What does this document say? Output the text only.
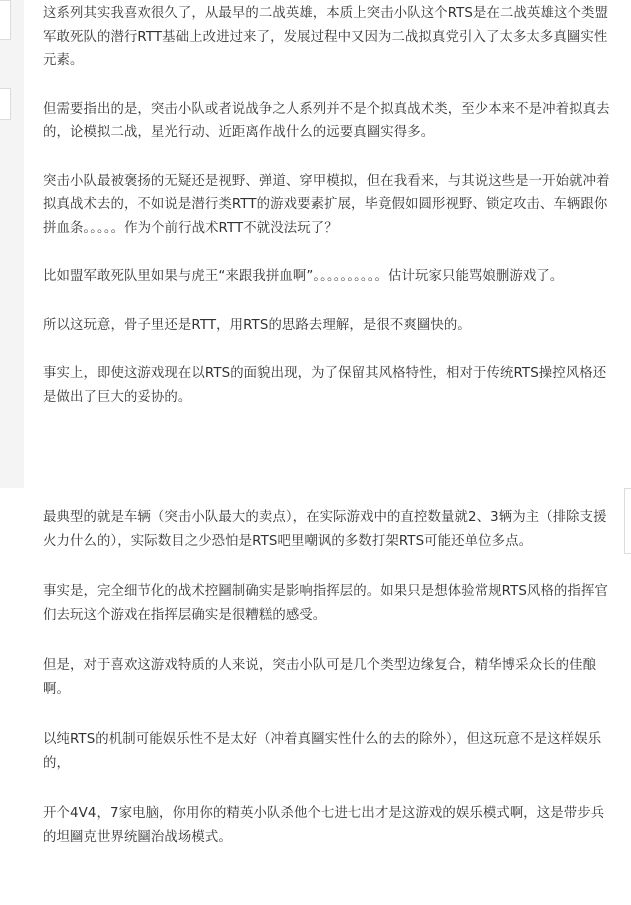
这系列其实我喜欢很久了，从最早的二战英雄，本质上突击小队这个RTS是在二战英雄这个类盟军敢死队的潜行RTT基础上改进过来了，发展过程中又因为二战拟真党引入了太多太多真圝实性元素。

但需要指出的是，突击小队或者说战争之人系列并不是个拟真战术类，至少本来不是冲着拟真去的，论模拟二战，星光行动、近距离作战什么的远要真圝实得多。

突击小队最被褒扬的无疑还是视野、弹道、穿甲模拟，但在我看来，与其说这些是一开始就冲着拟真战术去的，不如说是潜行类RTT的游戏要素扩展，毕竟假如圆形视野、锁定攻击、车辆跟你拼血条。。。。。作为个前行战术RTT不就没法玩了？

比如盟军敢死队里如果与虎王“来跟我拼血啊”。。。。。。。。。。估计玩家只能骂娘删游戏了。

所以这玩意，骨子里还是RTT，用RTS的思路去理解，是很不爽圝快的。

事实上，即使这游戏现在以RTS的面貌出现，为了保留其风格特性，相对于传统RTS操控风格还是做出了巨大的妥协的。

最典型的就是车辆（突击小队最大的卖点），在实际游戏中的直控数量就2、3辆为主（排除支援火力什么的），实际数目之少恐怕是RTS吧里嘲讽的多数打架RTS可能还单位多点。

事实是，完全细节化的战术控圝制确实是影响指挥层的。如果只是想体验常规RTS风格的指挥官们去玩这个游戏在指挥层确实是很糟糕的感受。

但是，对于喜欢这游戏特质的人来说，突击小队可是几个类型边缘复合，精华博采众长的佳酿啊。

以纯RTS的机制可能娱乐性不是太好（冲着真圝实性什么的去的除外），但这玩意不是这样娱乐的，

开个4V4，7家电脑，你用你的精英小队杀他个七进七出才是这游戏的娱乐模式啊，这是带步兵的坦圝克世界统圝治战场模式。
